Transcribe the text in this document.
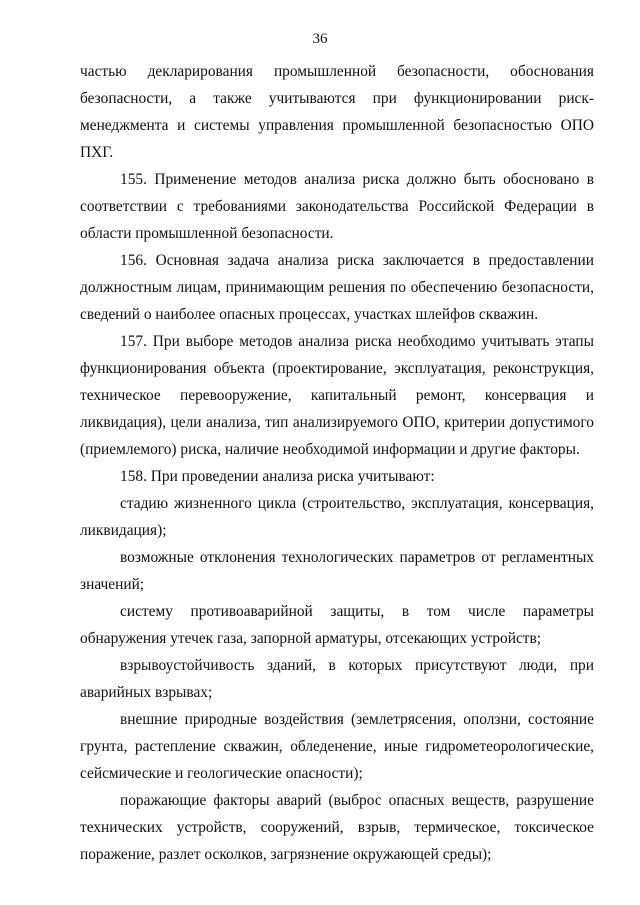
36

частью декларирования промышленной безопасности, обоснования безопасности, а также учитываются при функционировании риск-менеджмента и системы управления промышленной безопасностью ОПО ПХГ.

155. Применение методов анализа риска должно быть обосновано в соответствии с требованиями законодательства Российской Федерации в области промышленной безопасности.

156. Основная задача анализа риска заключается в предоставлении должностным лицам, принимающим решения по обеспечению безопасности, сведений о наиболее опасных процессах, участках шлейфов скважин.

157. При выборе методов анализа риска необходимо учитывать этапы функционирования объекта (проектирование, эксплуатация, реконструкция, техническое перевооружение, капитальный ремонт, консервация и ликвидация), цели анализа, тип анализируемого ОПО, критерии допустимого (приемлемого) риска, наличие необходимой информации и другие факторы.

158. При проведении анализа риска учитывают:

стадию жизненного цикла (строительство, эксплуатация, консервация, ликвидация);

возможные отклонения технологических параметров от регламентных значений;

систему противоаварийной защиты, в том числе параметры обнаружения утечек газа, запорной арматуры, отсекающих устройств;

взрывоустойчивость зданий, в которых присутствуют люди, при аварийных взрывах;

внешние природные воздействия (землетрясения, оползни, состояние грунта, растепление скважин, обледенение, иные гидрометеорологические, сейсмические и геологические опасности);

поражающие факторы аварий (выброс опасных веществ, разрушение технических устройств, сооружений, взрыв, термическое, токсическое поражение, разлет осколков, загрязнение окружающей среды);
